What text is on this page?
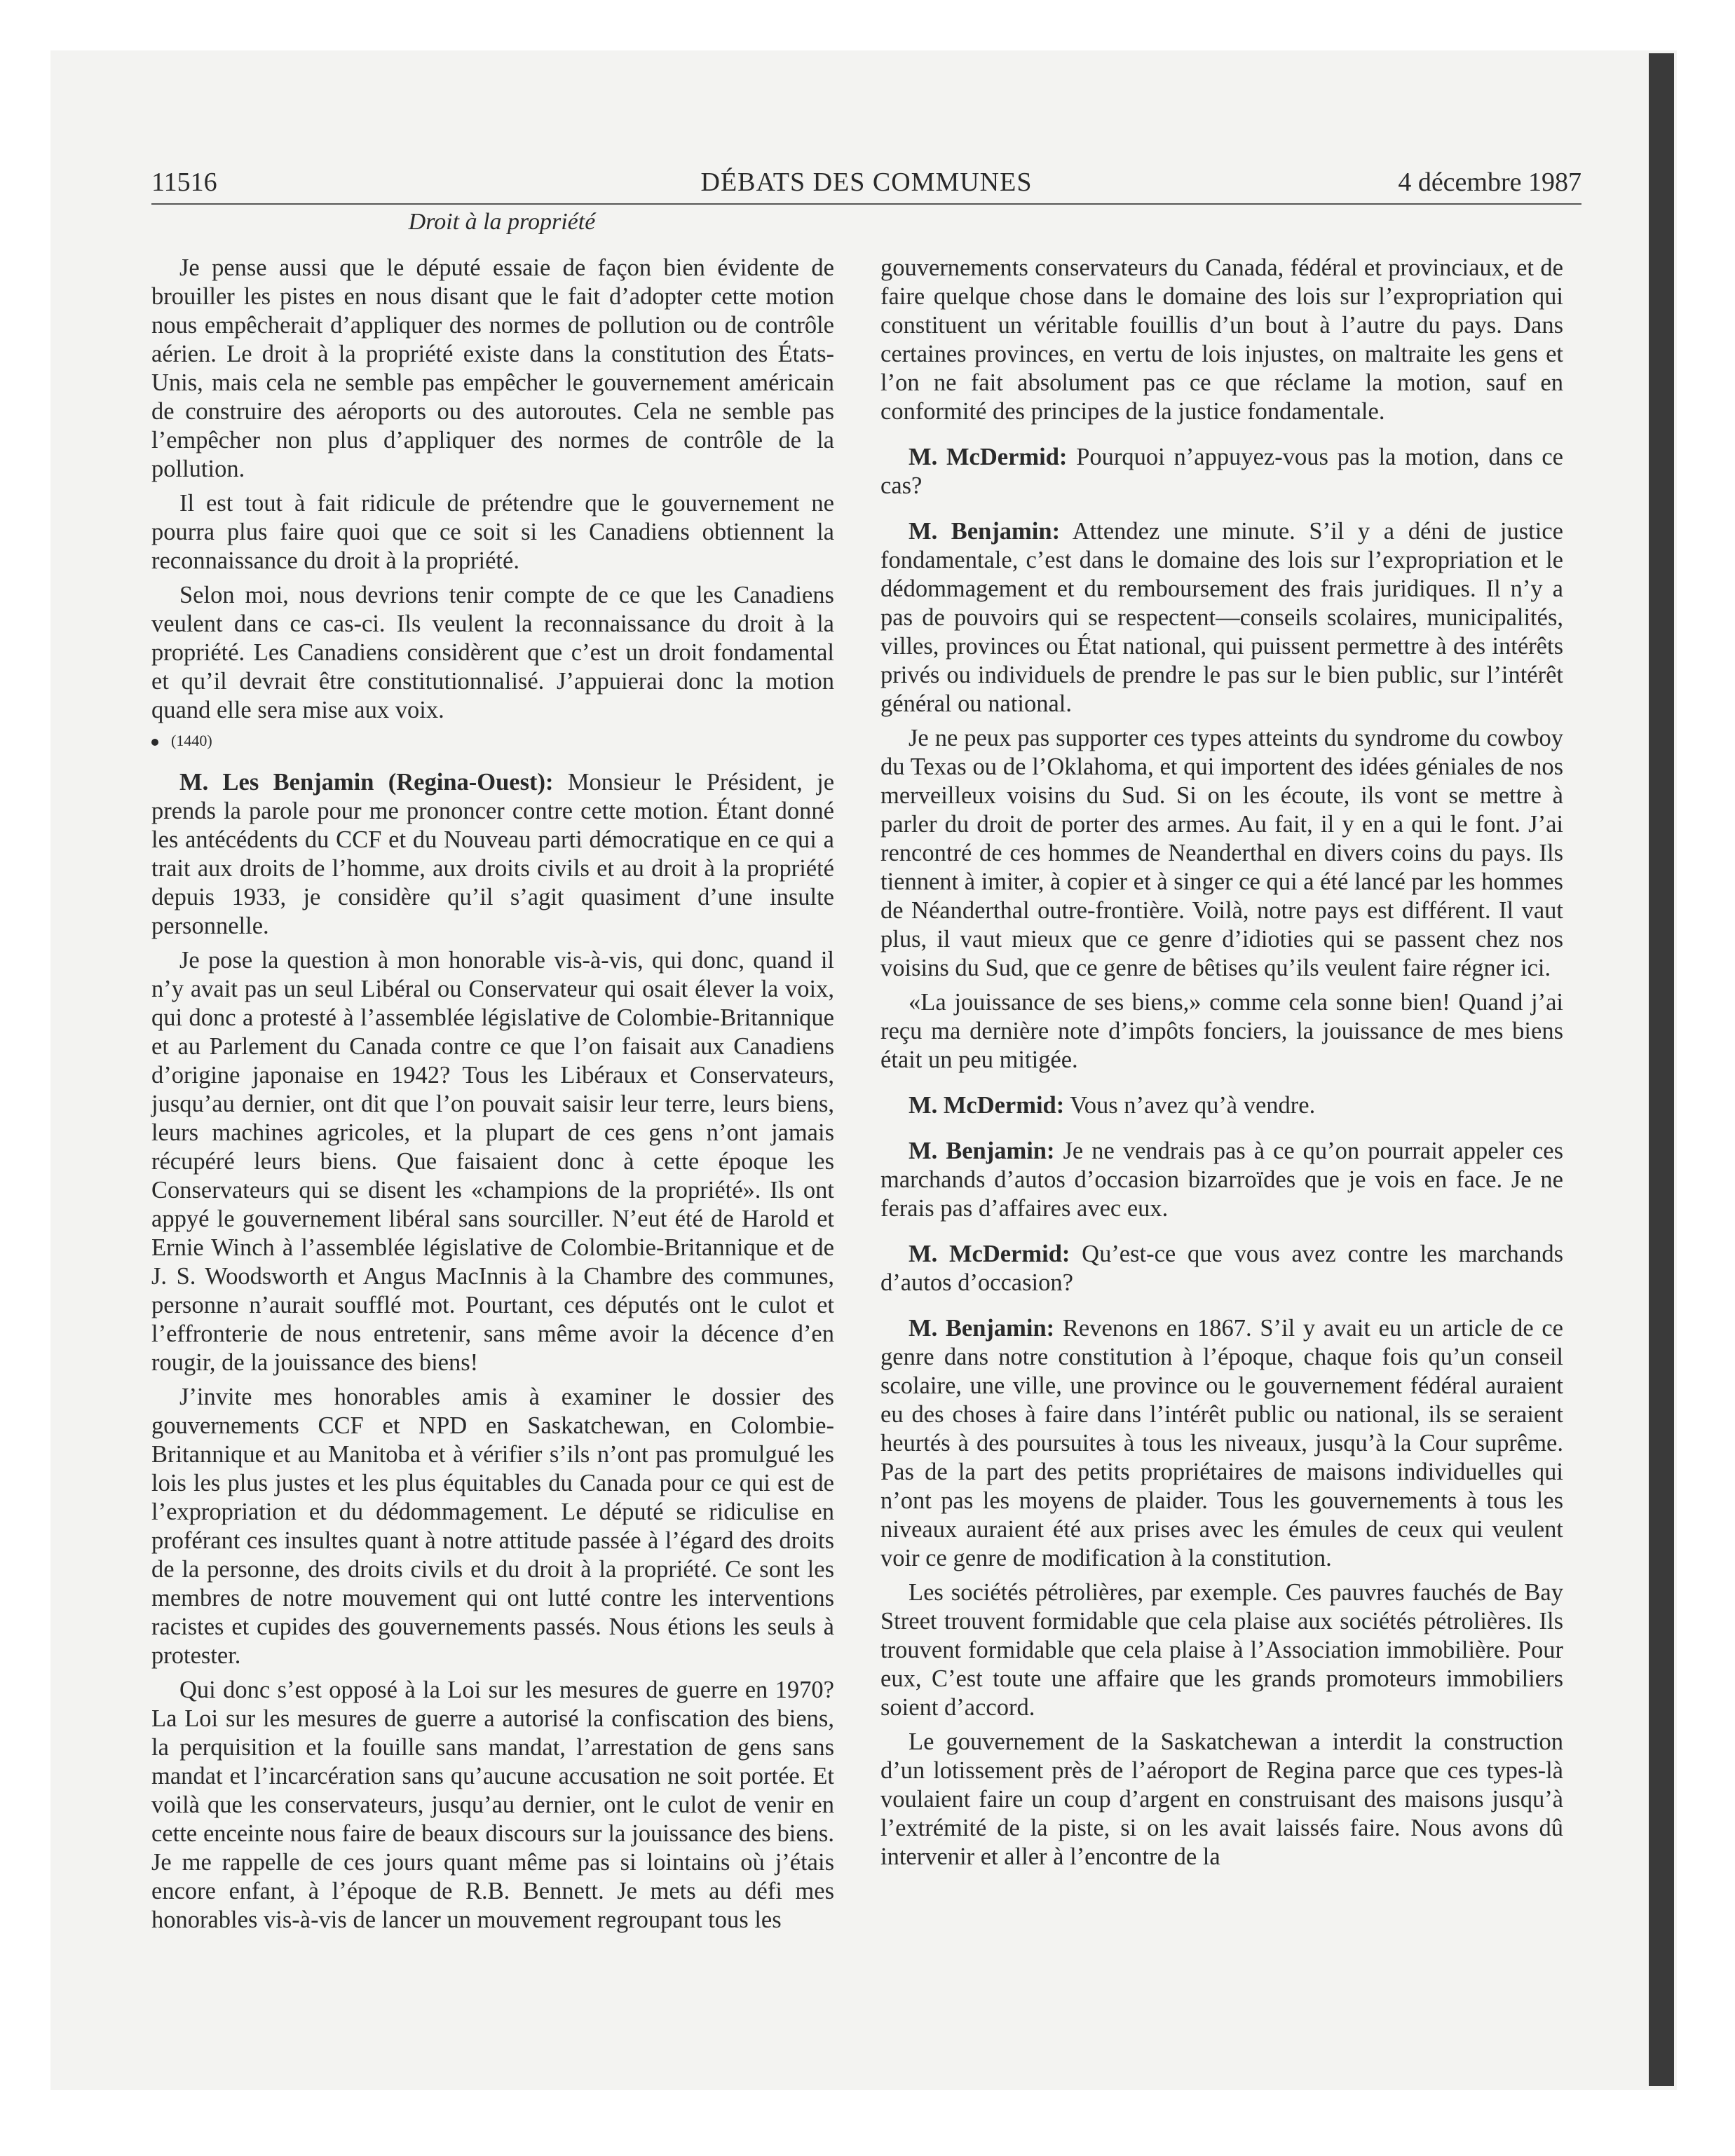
11516	DÉBATS DES COMMUNES	4 décembre 1987
Droit à la propriété

Je pense aussi que le député essaie de façon bien évidente de brouiller les pistes en nous disant que le fait d’adopter cette motion nous empêcherait d’appliquer des normes de pollution ou de contrôle aérien. Le droit à la propriété existe dans la constitution des États-Unis, mais cela ne semble pas empêcher le gouvernement américain de construire des aéroports ou des autoroutes. Cela ne semble pas l’empêcher non plus d’appliquer des normes de contrôle de la pollution.

Il est tout à fait ridicule de prétendre que le gouvernement ne pourra plus faire quoi que ce soit si les Canadiens obtiennent la reconnaissance du droit à la propriété.

Selon moi, nous devrions tenir compte de ce que les Canadiens veulent dans ce cas-ci. Ils veulent la reconnaissance du droit à la propriété. Les Canadiens considèrent que c’est un droit fondamental et qu’il devrait être constitutionnalisé. J’appuierai donc la motion quand elle sera mise aux voix.

(1440)

M. Les Benjamin (Regina-Ouest): Monsieur le Président, je prends la parole pour me prononcer contre cette motion. Étant donné les antécédents du CCF et du Nouveau parti démocratique en ce qui a trait aux droits de l’homme, aux droits civils et au droit à la propriété depuis 1933, je considère qu’il s’agit quasiment d’une insulte personnelle.

Je pose la question à mon honorable vis-à-vis, qui donc, quand il n’y avait pas un seul Libéral ou Conservateur qui osait élever la voix, qui donc a protesté à l’assemblée législative de Colombie-Britannique et au Parlement du Canada contre ce que l’on faisait aux Canadiens d’origine japonaise en 1942? Tous les Libéraux et Conservateurs, jusqu’au dernier, ont dit que l’on pouvait saisir leur terre, leurs biens, leurs machines agricoles, et la plupart de ces gens n’ont jamais récupéré leurs biens. Que faisaient donc à cette époque les Conservateurs qui se disent les «champions de la propriété». Ils ont appyé le gouvernement libéral sans sourciller. N’eut été de Harold et Ernie Winch à l’assemblée législative de Colombie-Britannique et de J. S. Woodsworth et Angus MacInnis à la Chambre des communes, personne n’aurait soufflé mot. Pourtant, ces députés ont le culot et l’effronterie de nous entretenir, sans même avoir la décence d’en rougir, de la jouissance des biens!

J’invite mes honorables amis à examiner le dossier des gouvernements CCF et NPD en Saskatchewan, en Colombie-Britannique et au Manitoba et à vérifier s’ils n’ont pas promulgué les lois les plus justes et les plus équitables du Canada pour ce qui est de l’expropriation et du dédommagement. Le député se ridiculise en proférant ces insultes quant à notre attitude passée à l’égard des droits de la personne, des droits civils et du droit à la propriété. Ce sont les membres de notre mouvement qui ont lutté contre les interventions racistes et cupides des gouvernements passés. Nous étions les seuls à protester.

Qui donc s’est opposé à la Loi sur les mesures de guerre en 1970? La Loi sur les mesures de guerre a autorisé la confiscation des biens, la perquisition et la fouille sans mandat, l’arrestation de gens sans mandat et l’incarcération sans qu’aucune accusation ne soit portée. Et voilà que les conservateurs, jusqu’au dernier, ont le culot de venir en cette enceinte nous faire de beaux discours sur la jouissance des biens. Je me rappelle de ces jours quant même pas si lointains où j’étais encore enfant, à l’époque de R.B. Bennett. Je mets au défi mes honorables vis-à-vis de lancer un mouvement regroupant tous les

gouvernements conservateurs du Canada, fédéral et provinciaux, et de faire quelque chose dans le domaine des lois sur l’expropriation qui constituent un véritable fouillis d’un bout à l’autre du pays. Dans certaines provinces, en vertu de lois injustes, on maltraite les gens et l’on ne fait absolument pas ce que réclame la motion, sauf en conformité des principes de la justice fondamentale.

M. McDermid: Pourquoi n’appuyez-vous pas la motion, dans ce cas?

M. Benjamin: Attendez une minute. S’il y a déni de justice fondamentale, c’est dans le domaine des lois sur l’expropriation et le dédommagement et du remboursement des frais juridiques. Il n’y a pas de pouvoirs qui se respectent—conseils scolaires, municipalités, villes, provinces ou État national, qui puissent permettre à des intérêts privés ou individuels de prendre le pas sur le bien public, sur l’intérêt général ou national.

Je ne peux pas supporter ces types atteints du syndrome du cowboy du Texas ou de l’Oklahoma, et qui importent des idées géniales de nos merveilleux voisins du Sud. Si on les écoute, ils vont se mettre à parler du droit de porter des armes. Au fait, il y en a qui le font. J’ai rencontré de ces hommes de Neanderthal en divers coins du pays. Ils tiennent à imiter, à copier et à singer ce qui a été lancé par les hommes de Néanderthal outre-frontière. Voilà, notre pays est différent. Il vaut plus, il vaut mieux que ce genre d’idioties qui se passent chez nos voisins du Sud, que ce genre de bêtises qu’ils veulent faire régner ici.

«La jouissance de ses biens,» comme cela sonne bien! Quand j’ai reçu ma dernière note d’impôts fonciers, la jouissance de mes biens était un peu mitigée.

M. McDermid: Vous n’avez qu’à vendre.

M. Benjamin: Je ne vendrais pas à ce qu’on pourrait appeler ces marchands d’autos d’occasion bizarroïdes que je vois en face. Je ne ferais pas d’affaires avec eux.

M. McDermid: Qu’est-ce que vous avez contre les marchands d’autos d’occasion?

M. Benjamin: Revenons en 1867. S’il y avait eu un article de ce genre dans notre constitution à l’époque, chaque fois qu’un conseil scolaire, une ville, une province ou le gouvernement fédéral auraient eu des choses à faire dans l’intérêt public ou national, ils se seraient heurtés à des poursuites à tous les niveaux, jusqu’à la Cour suprême. Pas de la part des petits propriétaires de maisons individuelles qui n’ont pas les moyens de plaider. Tous les gouvernements à tous les niveaux auraient été aux prises avec les émules de ceux qui veulent voir ce genre de modification à la constitution.

Les sociétés pétrolières, par exemple. Ces pauvres fauchés de Bay Street trouvent formidable que cela plaise aux sociétés pétrolières. Ils trouvent formidable que cela plaise à l’Association immobilière. Pour eux, C’est toute une affaire que les grands promoteurs immobiliers soient d’accord.

Le gouvernement de la Saskatchewan a interdit la construction d’un lotissement près de l’aéroport de Regina parce que ces types-là voulaient faire un coup d’argent en construisant des maisons jusqu’à l’extrémité de la piste, si on les avait laissés faire. Nous avons dû intervenir et aller à l’encontre de la
